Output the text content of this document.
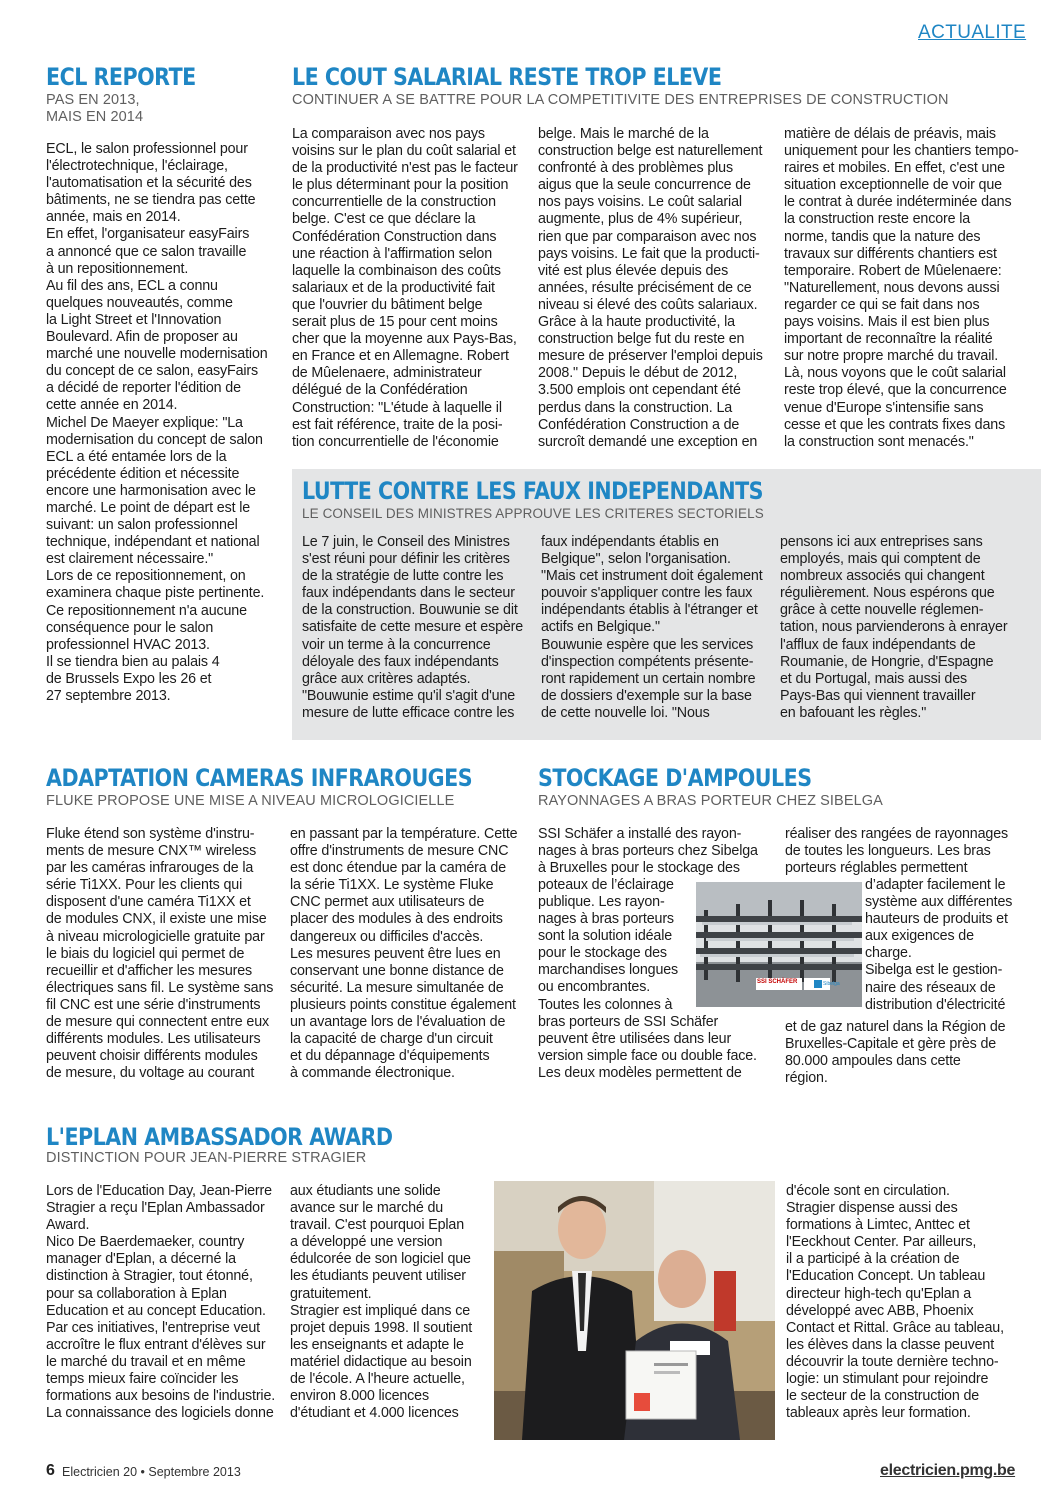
ACTUALITE
ECL REPORTE
PAS EN 2013,
MAIS EN 2014
ECL, le salon professionnel pour
l'électrotechnique, l'éclairage,
l'automatisation et la sécurité des
bâtiments, ne se tiendra pas cette
année, mais en 2014.
En effet, l'organisateur easyFairs
a annoncé que ce salon travaille
à un repositionnement.
Au fil des ans, ECL a connu
quelques nouveautés, comme
la Light Street et l'Innovation
Boulevard. Afin de proposer au
marché une nouvelle modernisation
du concept de ce salon, easyFairs
a décidé de reporter l'édition de
cette année en 2014.
Michel De Maeyer explique: "La
modernisation du concept de salon
ECL a été entamée lors de la
précédente édition et nécessite
encore une harmonisation avec le
marché. Le point de départ est le
suivant: un salon professionnel
technique, indépendant et national
est clairement nécessaire."
Lors de ce repositionnement, on
examinera chaque piste pertinente.
Ce repositionnement n'a aucune
conséquence pour le salon
professionnel HVAC 2013.
Il se tiendra bien au palais 4
de Brussels Expo les 26 et
27 septembre 2013.
LE COUT SALARIAL RESTE TROP ELEVE
CONTINUER A SE BATTRE POUR LA COMPETITIVITE DES ENTREPRISES DE CONSTRUCTION
La comparaison avec nos pays
voisins sur le plan du coût salarial et
de la productivité n'est pas le facteur
le plus déterminant pour la position
concurrentielle de la construction
belge. C'est ce que déclare la
Confédération Construction dans
une réaction à l'affirmation selon
laquelle la combinaison des coûts
salariaux et de la productivité fait
que l'ouvrier du bâtiment belge
serait plus de 15 pour cent moins
cher que la moyenne aux Pays-Bas,
en France et en Allemagne. Robert
de Mûelenaere, administrateur
délégué de la Confédération
Construction: "L'étude à laquelle il
est fait référence, traite de la posi-
tion concurrentielle de l'économie
belge. Mais le marché de la
construction belge est naturellement
confronté à des problèmes plus
aigus que la seule concurrence de
nos pays voisins. Le coût salarial
augmente, plus de 4% supérieur,
rien que par comparaison avec nos
pays voisins. Le fait que la producti-
vité est plus élevée depuis des
années, résulte précisément de ce
niveau si élevé des coûts salariaux.
Grâce à la haute productivité, la
construction belge fut du reste en
mesure de préserver l'emploi depuis
2008." Depuis le début de 2012,
3.500 emplois ont cependant été
perdus dans la construction. La
Confédération Construction a de
surcroît demandé une exception en
matière de délais de préavis, mais
uniquement pour les chantiers tempo-
raires et mobiles. En effet, c'est une
situation exceptionnelle de voir que
le contrat à durée indéterminée dans
la construction reste encore la
norme, tandis que la nature des
travaux sur différents chantiers est
temporaire. Robert de Mûelenaere:
"Naturellement, nous devons aussi
regarder ce qui se fait dans nos
pays voisins. Mais il est bien plus
important de reconnaître la réalité
sur notre propre marché du travail.
Là, nous voyons que le coût salarial
reste trop élevé, que la concurrence
venue d'Europe s'intensifie sans
cesse et que les contrats fixes dans
la construction sont menacés."
LUTTE CONTRE LES FAUX INDEPENDANTS
LE CONSEIL DES MINISTRES APPROUVE LES CRITERES SECTORIELS
Le 7 juin, le Conseil des Ministres
s'est réuni pour définir les critères
de la stratégie de lutte contre les
faux indépendants dans le secteur
de la construction. Bouwunie se dit
satisfaite de cette mesure et espère
voir un terme à la concurrence
déloyale des faux indépendants
grâce aux critères adaptés.
"Bouwunie estime qu'il s'agit d'une
mesure de lutte efficace contre les
faux indépendants établis en
Belgique", selon l'organisation.
"Mais cet instrument doit également
pouvoir s'appliquer contre les faux
indépendants établis à l'étranger et
actifs en Belgique."
Bouwunie espère que les services
d'inspection compétents présente-
ront rapidement un certain nombre
de dossiers d'exemple sur la base
de cette nouvelle loi. "Nous
pensons ici aux entreprises sans
employés, mais qui comptent de
nombreux associés qui changent
régulièrement. Nous espérons que
grâce à cette nouvelle réglemen-
tation, nous parvienderons à enrayer
l'afflux de faux indépendants de
Roumanie, de Hongrie, d'Espagne
et du Portugal, mais aussi des
Pays-Bas qui viennent travailler
en bafouant les règles."
ADAPTATION CAMERAS INFRAROUGES
FLUKE PROPOSE UNE MISE A NIVEAU MICROLOGICIELLE
Fluke étend son système d'instru-
ments de mesure CNX™ wireless
par les caméras infrarouges de la
série Ti1XX. Pour les clients qui
disposent d'une caméra Ti1XX et
de modules CNX, il existe une mise
à niveau micrologicielle gratuite par
le biais du logiciel qui permet de
recueillir et d'afficher les mesures
électriques sans fil. Le système sans
fil CNC est une série d'instruments
de mesure qui connectent entre eux
différents modules. Les utilisateurs
peuvent choisir différents modules
de mesure, du voltage au courant
en passant par la température. Cette
offre d'instruments de mesure CNC
est donc étendue par la caméra de
la série Ti1XX. Le système Fluke
CNC permet aux utilisateurs de
placer des modules à des endroits
dangereux ou difficiles d'accès.
Les mesures peuvent être lues en
conservant une bonne distance de
sécurité. La mesure simultanée de
plusieurs points constitue également
un avantage lors de l'évaluation de
la capacité de charge d'un circuit
et du dépannage d'équipements
à commande électronique.
STOCKAGE D'AMPOULES
RAYONNAGES A BRAS PORTEUR CHEZ SIBELGA
SSI Schäfer a installé des rayon-
nages à bras porteurs chez Sibelga
à Bruxelles pour le stockage des
poteaux de l’éclairage
publique. Les rayon-
nages à bras porteurs
sont la solution idéale
pour le stockage des
marchandises longues
ou encombrantes.
Toutes les colonnes à
bras porteurs de SSI Schäfer
peuvent être utilisées dans leur
version simple face ou double face.
Les deux modèles permettent de
réaliser des rangées de rayonnages
de toutes les longueurs. Les bras
porteurs réglables permettent
d’adapter facilement le
système aux différentes
hauteurs de produits et
aux exigences de
charge.
Sibelga est le gestion-
naire des réseaux de
distribution d'électricité
et de gaz naturel dans la Région de
Bruxelles-Capitale et gère près de
80.000 ampoules dans cette
région.
SSI SCHÄFER	Sibelga
L'EPLAN AMBASSADOR AWARD
DISTINCTION POUR JEAN-PIERRE STRAGIER
Lors de l'Education Day, Jean-Pierre
Stragier a reçu l'Eplan Ambassador
Award.
Nico De Baerdemaeker, country
manager d'Eplan, a décerné la
distinction à Stragier, tout étonné,
pour sa collaboration à Eplan
Education et au concept Education.
Par ces initiatives, l'entreprise veut
accroître le flux entrant d'élèves sur
le marché du travail et en même
temps mieux faire coïncider les
formations aux besoins de l'industrie.
La connaissance des logiciels donne
aux étudiants une solide
avance sur le marché du
travail. C'est pourquoi Eplan
a développé une version
édulcorée de son logiciel que
les étudiants peuvent utiliser
gratuitement.
Stragier est impliqué dans ce
projet depuis 1998. Il soutient
les enseignants et adapte le
matériel didactique au besoin
de l'école. A l'heure actuelle,
environ 8.000 licences
d'étudiant et 4.000 licences
d'école sont en circulation.
Stragier dispense aussi des
formations à Limtec, Anttec et
l'Eeckhout Center. Par ailleurs,
il a participé à la création de
l'Education Concept. Un tableau
directeur high-tech qu'Eplan a
développé avec ABB, Phoenix
Contact et Rittal. Grâce au tableau,
les élèves dans la classe peuvent
découvrir la toute dernière techno-
logie: un stimulant pour rejoindre
le secteur de la construction de
tableaux après leur formation.
6 Electricien 20 • Septembre 2013	electricien.pmg.be
